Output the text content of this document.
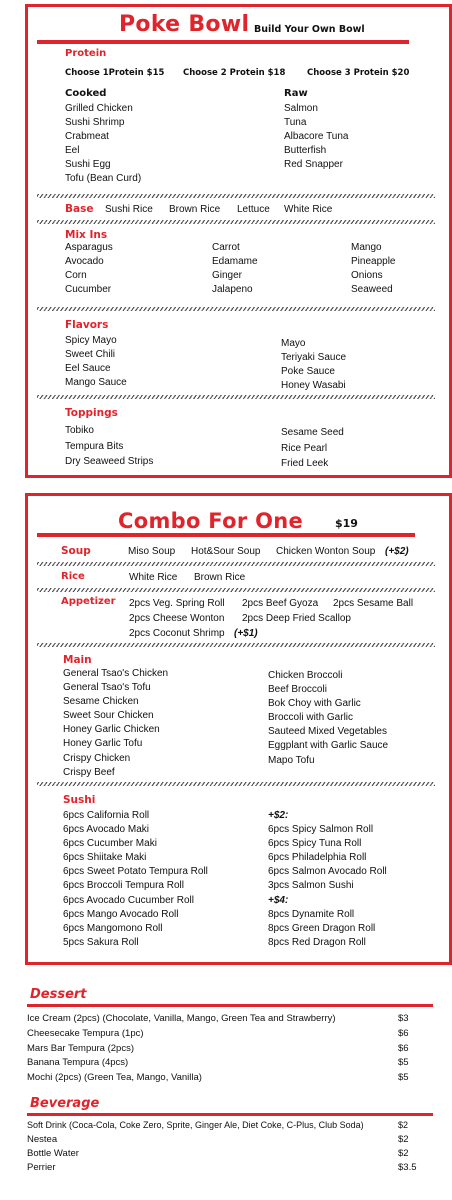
Poke Bowl Build Your Own Bowl
Protein
Choose 1Protein $15 Choose 2 Protein $18	Choose 3 Protein $20
Cooked
Grilled Chicken
Sushi Shrimp
Crabmeat
Eel
Sushi Egg
Tofu (Bean Curd)
Raw
Salmon
Tuna
Albacore Tuna
Butterfish
Red Snapper
Base Sushi Rice Brown Rice Lettuce White Rice
Mix Ins
Asparagus
Avocado
Corn
Cucumber
Carrot
Edamame
Ginger
Jalapeno
Mango
Pineapple
Onions
Seaweed
Flavors
Spicy Mayo
Sweet Chili
Eel Sauce
Mango Sauce
Mayo
Teriyaki Sauce
Poke Sauce
Honey Wasabi
Toppings
Tobiko
Tempura Bits
Dry Seaweed Strips
Sesame Seed
Rice Pearl
Fried Leek
Combo For One	$19
Soup	Miso Soup Hot&Sour Soup Chicken Wonton Soup (+$2)
Rice	White Rice Brown Rice
Appetizer 2pcs Veg. Spring Roll 2pcs Beef Gyoza 2pcs Sesame Ball
2pcs Cheese Wonton 2pcs Deep Fried Scallop
2pcs Coconut Shrimp (+$1)
Main
General Tsao's Chicken
General Tsao's Tofu
Sesame Chicken
Sweet Sour Chicken
Honey Garlic Chicken
Honey Garlic Tofu
Crispy Chicken
Crispy Beef
Chicken Broccoli
Beef Broccoli
Bok Choy with Garlic
Broccoli with Garlic
Sauteed Mixed Vegetables
Eggplant with Garlic Sauce
Mapo Tofu
Sushi
6pcs California Roll
6pcs Avocado Maki
6pcs Cucumber Maki
6pcs Shiitake Maki
6pcs Sweet Potato Tempura Roll
6pcs Broccoli Tempura Roll
6pcs Avocado Cucumber Roll
6pcs Mango Avocado Roll
6pcs Mangomono Roll
5pcs Sakura Roll
+$2:
6pcs Spicy Salmon Roll
6pcs Spicy Tuna Roll
6pcs Philadelphia Roll
6pcs Salmon Avocado Roll
3pcs Salmon Sushi
+$4:
8pcs Dynamite Roll
8pcs Green Dragon Roll
8pcs Red Dragon Roll
Dessert
Ice Cream (2pcs) (Chocolate, Vanilla, Mango, Green Tea and Strawberry)	$3
Cheesecake Tempura (1pc)	$6
Mars Bar Tempura (2pcs)	$6
Banana Tempura (4pcs)	$5
Mochi (2pcs) (Green Tea, Mango, Vanilla)	$5
Beverage
Soft Drink (Coca-Cola, Coke Zero, Sprite, Ginger Ale, Diet Coke, C-Plus, Club Soda)	$2
Nestea	$2
Bottle Water	$2
Perrier	$3.5
